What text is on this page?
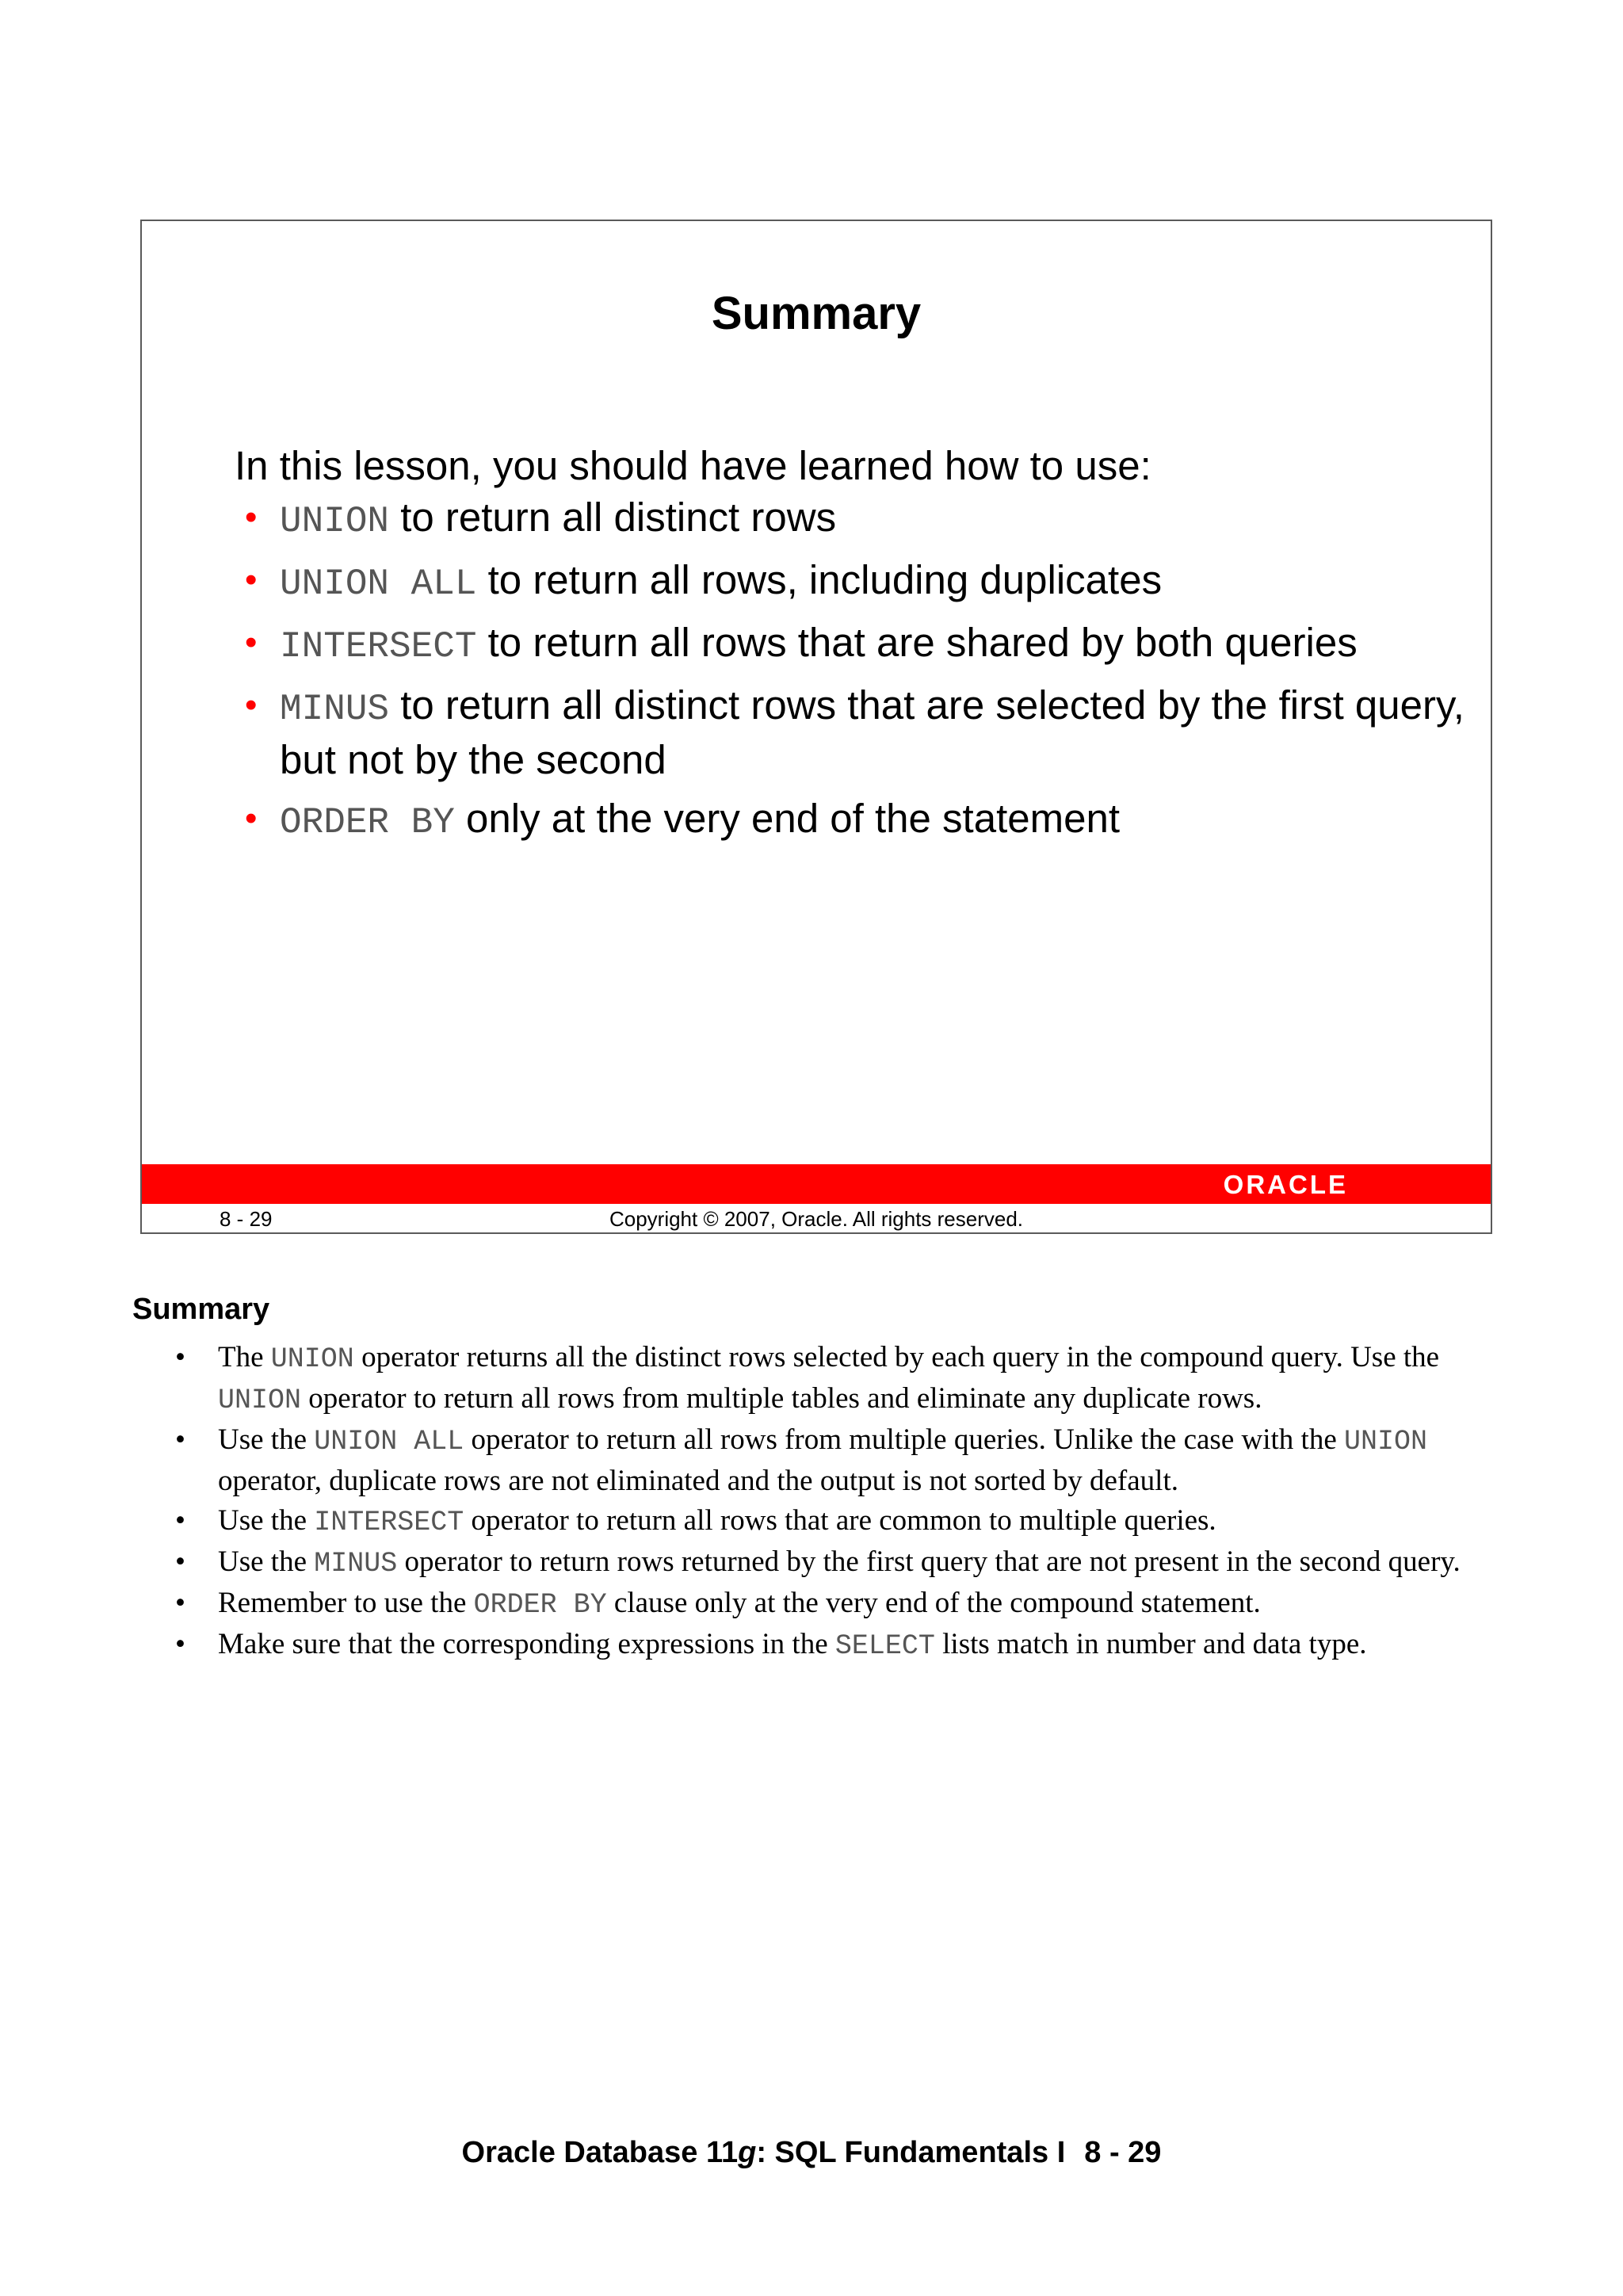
Summary
In this lesson, you should have learned how to use:
• UNION to return all distinct rows
• UNION ALL to return all rows, including duplicates
• INTERSECT to return all rows that are shared by both queries
• MINUS to return all distinct rows that are selected by the first query, but not by the second
• ORDER BY only at the very end of the statement
ORACLE
8 - 29	Copyright © 2007, Oracle. All rights reserved.
Summary
• The UNION operator returns all the distinct rows selected by each query in the compound query. Use the UNION operator to return all rows from multiple tables and eliminate any duplicate rows.
• Use the UNION ALL operator to return all rows from multiple queries. Unlike the case with the UNION operator, duplicate rows are not eliminated and the output is not sorted by default.
• Use the INTERSECT operator to return all rows that are common to multiple queries.
• Use the MINUS operator to return rows returned by the first query that are not present in the second query.
• Remember to use the ORDER BY clause only at the very end of the compound statement.
• Make sure that the corresponding expressions in the SELECT lists match in number and data type.
Oracle Database 11g: SQL Fundamentals I 8 - 29
